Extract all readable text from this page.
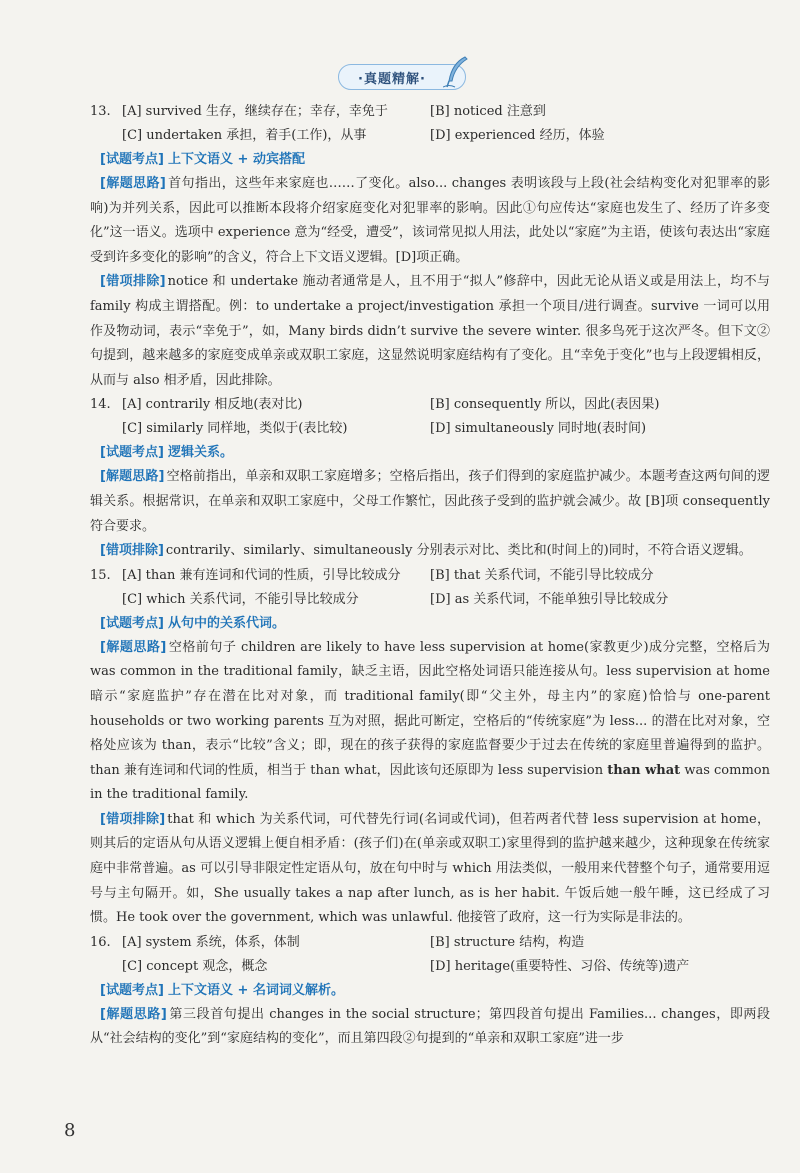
·真题精解·
13. [A] survived 生存，继续存在；幸存，幸免于	[B] noticed 注意到
[C] undertaken 承担，着手(工作)，从事	[D] experienced 经历，体验
[试题考点] 上下文语义 + 动宾搭配

[解题思路] 首句指出，这些年来家庭也……了变化。also... changes 表明该段与上段(社会结构变化对犯罪率的影响)为并列关系，因此可以推断本段将介绍家庭变化对犯罪率的影响。因此①句应传达“家庭也发生了、经历了许多变化”这一语义。选项中 experience 意为“经受，遭受”，该词常见拟人用法，此处以“家庭”为主语，使该句表达出“家庭受到许多变化的影响”的含义，符合上下文语义逻辑。[D]项正确。

[错项排除] notice 和 undertake 施动者通常是人，且不用于“拟人”修辞中，因此无论从语义或是用法上，均不与 family 构成主谓搭配。例：to undertake a project/investigation 承担一个项目/进行调查。survive 一词可以用作及物动词，表示“幸免于”，如，Many birds didn’t survive the severe winter. 很多鸟死于这次严冬。但下文②句提到，越来越多的家庭变成单亲或双职工家庭，这显然说明家庭结构有了变化。且“幸免于变化”也与上段逻辑相反，从而与 also 相矛盾，因此排除。

14. [A] contrarily 相反地(表对比)	[B] consequently 所以，因此(表因果)
[C] similarly 同样地，类似于(表比较)	[D] simultaneously 同时地(表时间)
[试题考点] 逻辑关系。

[解题思路] 空格前指出，单亲和双职工家庭增多；空格后指出，孩子们得到的家庭监护减少。本题考查这两句间的逻辑关系。根据常识，在单亲和双职工家庭中，父母工作繁忙，因此孩子受到的监护就会减少。故 [B]项 consequently 符合要求。

[错项排除] contrarily、similarly、simultaneously 分别表示对比、类比和(时间上的)同时，不符合语义逻辑。

15. [A] than 兼有连词和代词的性质，引导比较成分 [B] that 关系代词，不能引导比较成分
[C] which 关系代词，不能引导比较成分	[D] as 关系代词，不能单独引导比较成分
[试题考点] 从句中的关系代词。

[解题思路] 空格前句子 children are likely to have less supervision at home(家教更少)成分完整，空格后为 was common in the traditional family，缺乏主语，因此空格处词语只能连接从句。less supervision at home 暗示“家庭监护”存在潜在比对对象，而 traditional family(即“父主外，母主内”的家庭)恰恰与 one-parent households or two working parents 互为对照，据此可断定，空格后的“传统家庭”为 less... 的潜在比对对象，空格处应该为 than，表示“比较”含义；即，现在的孩子获得的家庭监督要少于过去在传统的家庭里普遍得到的监护。than 兼有连词和代词的性质，相当于 than what，因此该句还原即为 less supervision than what was common in the traditional family.

[错项排除] that 和 which 为关系代词，可代替先行词(名词或代词)，但若两者代替 less supervision at home，则其后的定语从句从语义逻辑上便自相矛盾：(孩子们)在(单亲或双职工)家里得到的监护越来越少，这种现象在传统家庭中非常普遍。as 可以引导非限定性定语从句，放在句中时与 which 用法类似，一般用来代替整个句子，通常要用逗号与主句隔开。如，She usually takes a nap after lunch, as is her habit. 午饭后她一般午睡，这已经成了习惯。He took over the government, which was unlawful. 他接管了政府，这一行为实际是非法的。

16. [A] system 系统，体系，体制	[B] structure 结构，构造
[C] concept 观念，概念	[D] heritage(重要特性、习俗、传统等)遗产
[试题考点] 上下文语义 + 名词词义解析。

[解题思路] 第三段首句提出 changes in the social structure；第四段首句提出 Families... changes，即两段从“社会结构的变化”到“家庭结构的变化”，而且第四段②句提到的“单亲和双职工家庭”进一步

8
